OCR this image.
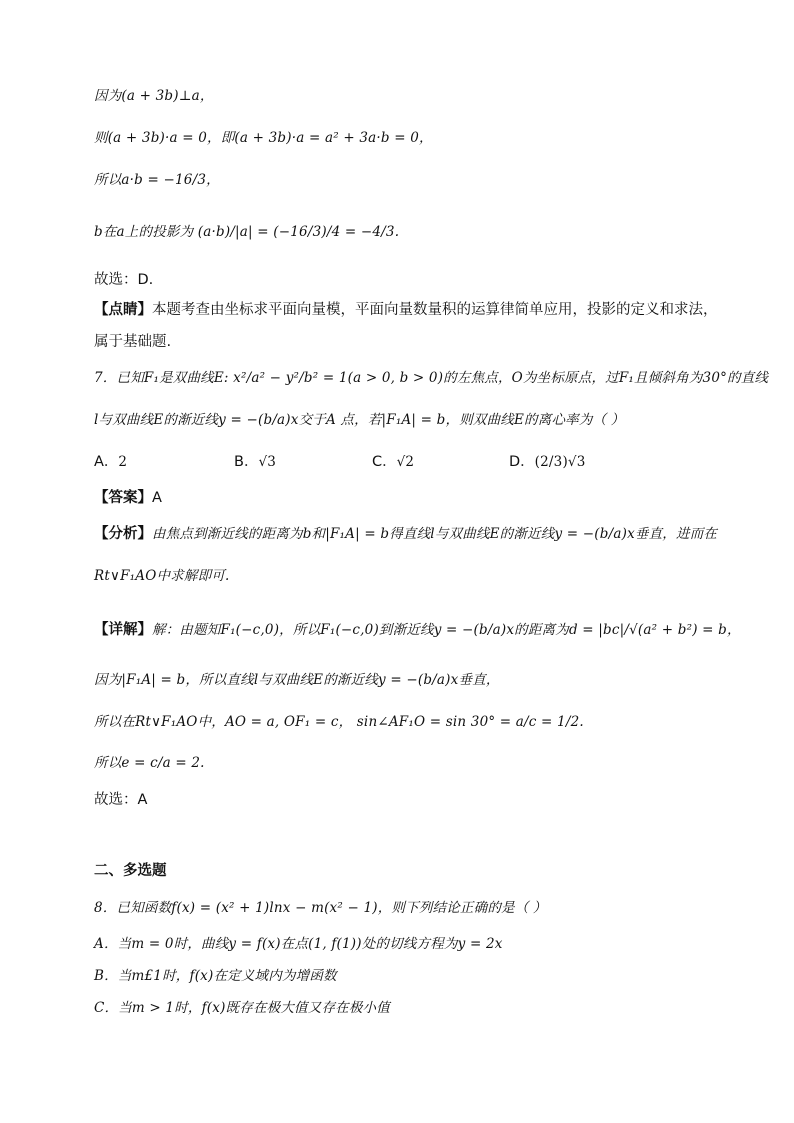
因为(a + 3b)⊥a，
则(a + 3b)·a = 0，即(a + 3b)·a = a² + 3a·b = 0，
所以a·b = −16/3，
b在a上的投影为 (a·b)/|a| = (−16/3)/4 = −4/3.
故选：D.
【点睛】本题考查由坐标求平面向量模，平面向量数量积的运算律简单应用，投影的定义和求法，
属于基础题.
7．已知F₁是双曲线E: x²/a² − y²/b² = 1(a > 0, b > 0)的左焦点，O为坐标原点，过F₁且倾斜角为30°的直线
l与双曲线E的渐近线y = −(b/a)x交于A 点，若|F₁A| = b，则双曲线E的离心率为（ ）
A．2	B．√3	C．√2	D．(2/3)√3
【答案】A
【分析】由焦点到渐近线的距离为b和|F₁A| = b得直线l与双曲线E的渐近线y = −(b/a)x垂直，进而在
Rt∨F₁AO中求解即可.
【详解】解：由题知F₁(−c,0)，所以F₁(−c,0)到渐近线y = −(b/a)x的距离为d = |bc|/√(a² + b²) = b，
因为|F₁A| = b，所以直线l与双曲线E的渐近线y = −(b/a)x垂直，
所以在Rt∨F₁AO中，AO = a, OF₁ = c， sin∠AF₁O = sin 30° = a/c = 1/2.
所以e = c/a = 2.
故选：A
二、多选题
8．已知函数f(x) = (x² + 1)lnx − m(x² − 1)，则下列结论正确的是（ ）
A．当m = 0时，曲线y = f(x)在点(1, f(1))处的切线方程为y = 2x
B．当m£1时，f(x)在定义域内为增函数
C．当m > 1时，f(x)既存在极大值又存在极小值
